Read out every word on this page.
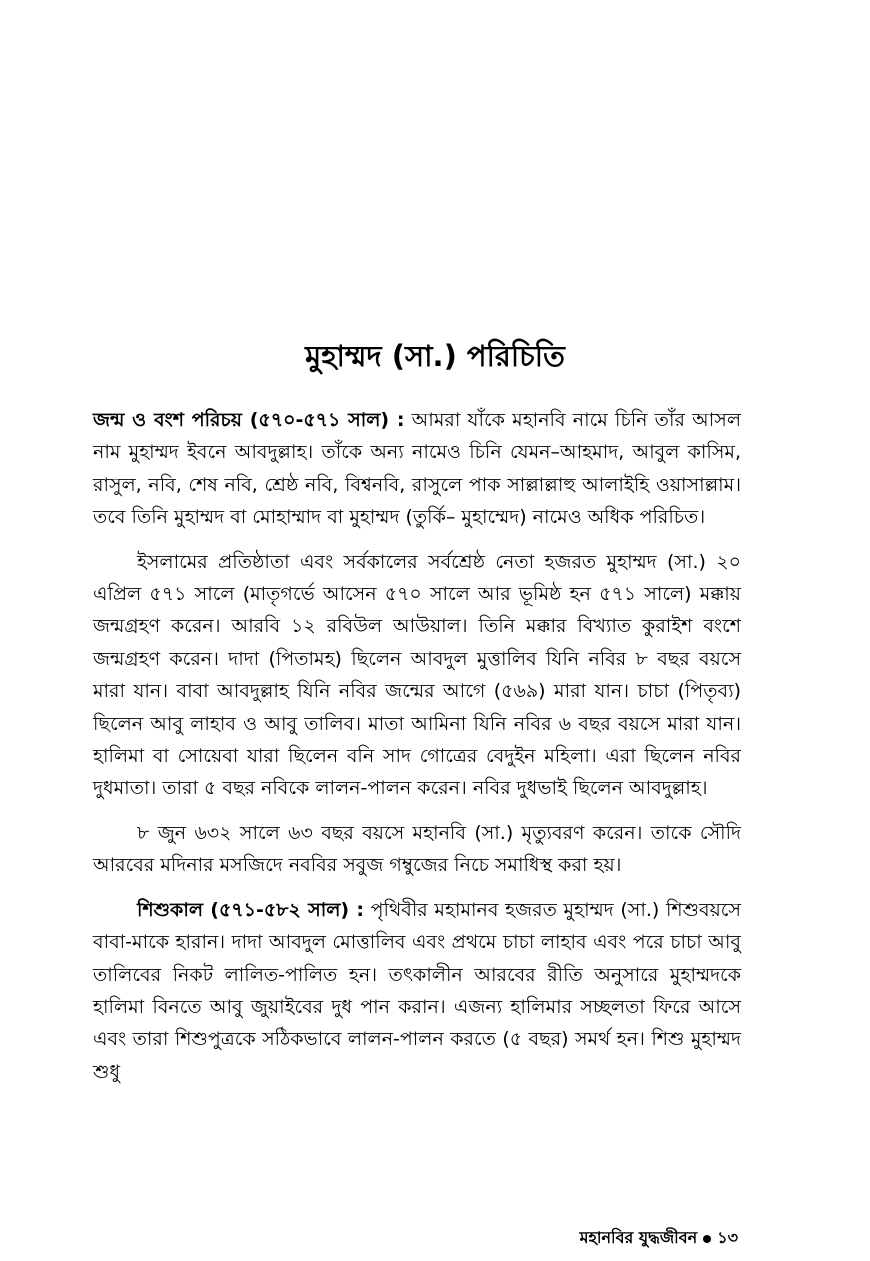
মুহাম্মদ (সা.) পরিচিতি

জন্ম ও বংশ পরিচয় (৫৭০-৫৭১ সাল) : আমরা যাঁকে মহানবি নামে চিনি তাঁর আসল নাম মুহাম্মদ ইবনে আবদুল্লাহ। তাঁকে অন্য নামেও চিনি যেমন–আহমাদ, আবুল কাসিম, রাসুল, নবি, শেষ নবি, শ্রেষ্ঠ নবি, বিশ্বনবি, রাসুলে পাক সাল্লাল্লাহু আলাইহি ওয়াসাল্লাম। তবে তিনি মুহাম্মদ বা মোহাম্মাদ বা মুহাম্মদ (তুর্কি– মুহাম্মেদ) নামেও অধিক পরিচিত।

ইসলামের প্রতিষ্ঠাতা এবং সর্বকালের সর্বশ্রেষ্ঠ নেতা হজরত মুহাম্মদ (সা.) ২০ এপ্রিল ৫৭১ সালে (মাতৃগর্ভে আসেন ৫৭০ সালে আর ভূমিষ্ঠ হন ৫৭১ সালে) মক্কায় জন্মগ্রহণ করেন। আরবি ১২ রবিউল আউয়াল। তিনি মক্কার বিখ্যাত কুরাইশ বংশে জন্মগ্রহণ করেন। দাদা (পিতামহ) ছিলেন আবদুল মুত্তালিব যিনি নবির ৮ বছর বয়সে মারা যান। বাবা আবদুল্লাহ যিনি নবির জন্মের আগে (৫৬৯) মারা যান। চাচা (পিতৃব্য) ছিলেন আবু লাহাব ও আবু তালিব। মাতা আমিনা যিনি নবির ৬ বছর বয়সে মারা যান। হালিমা বা সোয়েবা যারা ছিলেন বনি সাদ গোত্রের বেদুইন মহিলা। এরা ছিলেন নবির দুধমাতা। তারা ৫ বছর নবিকে লালন-পালন করেন। নবির দুধভাই ছিলেন আবদুল্লাহ।

৮ জুন ৬৩২ সালে ৬৩ বছর বয়সে মহানবি (সা.) মৃত্যুবরণ করেন। তাকে সৌদি আরবের মদিনার মসজিদে নববির সবুজ গম্বুজের নিচে সমাধিস্থ করা হয়।

শিশুকাল (৫৭১-৫৮২ সাল) : পৃথিবীর মহামানব হজরত মুহাম্মদ (সা.) শিশুবয়সে বাবা-মাকে হারান। দাদা আবদুল মোত্তালিব এবং প্রথমে চাচা লাহাব এবং পরে চাচা আবু তালিবের নিকট লালিত-পালিত হন। তৎকালীন আরবের রীতি অনুসারে মুহাম্মদকে হালিমা বিনতে আবু জুয়াইবের দুধ পান করান। এজন্য হালিমার সচ্ছলতা ফিরে আসে এবং তারা শিশুপুত্রকে সঠিকভাবে লালন-পালন করতে (৫ বছর) সমর্থ হন। শিশু মুহাম্মদ শুধু

মহানবির যুদ্ধজীবন ১৩
